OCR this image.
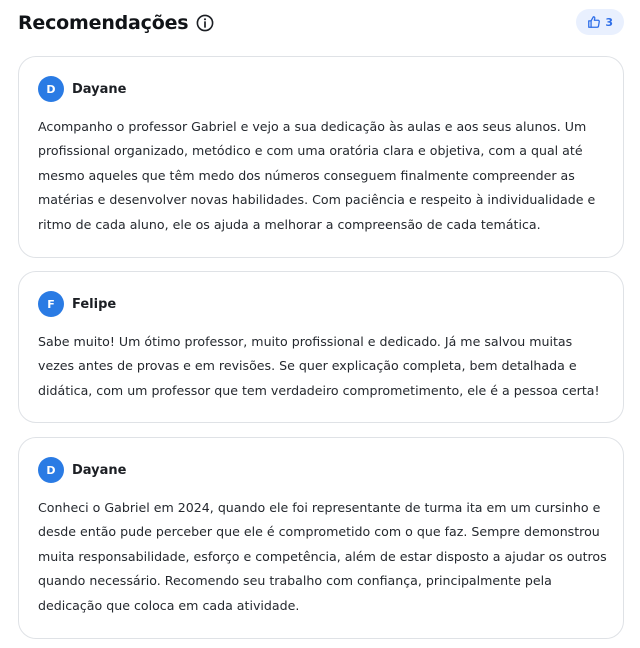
Recomendações	3
D	Dayane

Acompanho o professor Gabriel e vejo a sua dedicação às aulas e aos seus alunos. Um profissional organizado, metódico e com uma oratória clara e objetiva, com a qual até mesmo aqueles que têm medo dos números conseguem finalmente compreender as matérias e desenvolver novas habilidades. Com paciência e respeito à individualidade e ritmo de cada aluno, ele os ajuda a melhorar a compreensão de cada temática.

F	Felipe

Sabe muito! Um ótimo professor, muito profissional e dedicado. Já me salvou muitas vezes antes de provas e em revisões. Se quer explicação completa, bem detalhada e didática, com um professor que tem verdadeiro comprometimento, ele é a pessoa certa!

D	Dayane

Conheci o Gabriel em 2024, quando ele foi representante de turma ita em um cursinho e desde então pude perceber que ele é comprometido com o que faz. Sempre demonstrou muita responsabilidade, esforço e competência, além de estar disposto a ajudar os outros quando necessário. Recomendo seu trabalho com confiança, principalmente pela dedicação que coloca em cada atividade.
